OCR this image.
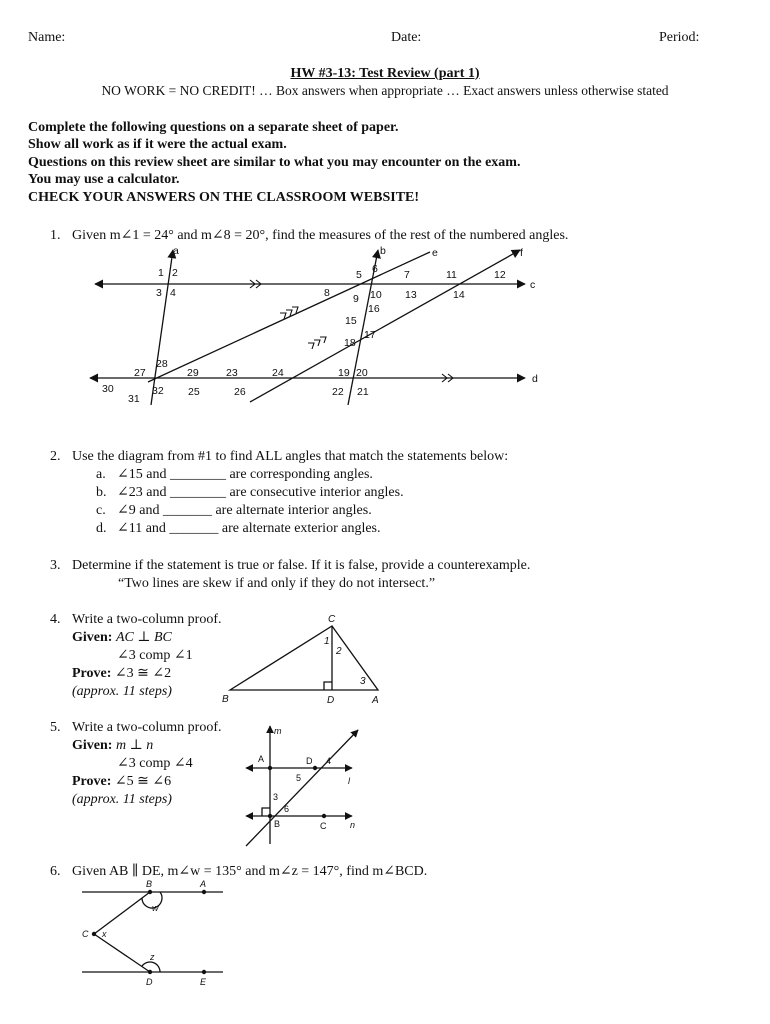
Name:	Date:	Period:
HW #3-13: Test Review (part 1)
NO WORK = NO CREDIT! … Box answers when appropriate … Exact answers unless otherwise stated
Complete the following questions on a separate sheet of paper.
Show all work as if it were the actual exam.
Questions on this review sheet are similar to what you may encounter on the exam.
You may use a calculator.
CHECK YOUR ANSWERS ON THE CLASSROOM WEBSITE!
1. Given m∠1 = 24° and m∠8 = 20°, find the measures of the rest of the numbered angles.
a	b	e	f
c
d
1 2
3 4
5 6 7
8 9 10
11	12
13	14
15
16
17
18
19 20
21
22
23	24
25	26
27
28
29
30
31
32
2. Use the diagram from #1 to find ALL angles that match the statements below:
a. ∠15 and ________ are corresponding angles.
b. ∠23 and ________ are consecutive interior angles.
c. ∠9 and _______ are alternate interior angles.
d. ∠11 and _______ are alternate exterior angles.
3. Determine if the statement is true or false. If it is false, provide a counterexample.
“Two lines are skew if and only if they do not intersect.”
4. Write a two-column proof.
Given: AC ⊥ BC
∠3 comp ∠1
Prove: ∠3 ≅ ∠2
(approx. 11 steps)
C
B	D	A
1
2
3
5. Write a two-column proof.
Given: m ⊥ n
∠3 comp ∠4
Prove: ∠5 ≅ ∠6
(approx. 11 steps)
m
A	D 4
l
5
3
6
B	C	n
6. Given AB ∥ DE, m∠w = 135° and m∠z = 147°, find m∠BCD.
B	A
w
C x
z
D	E
